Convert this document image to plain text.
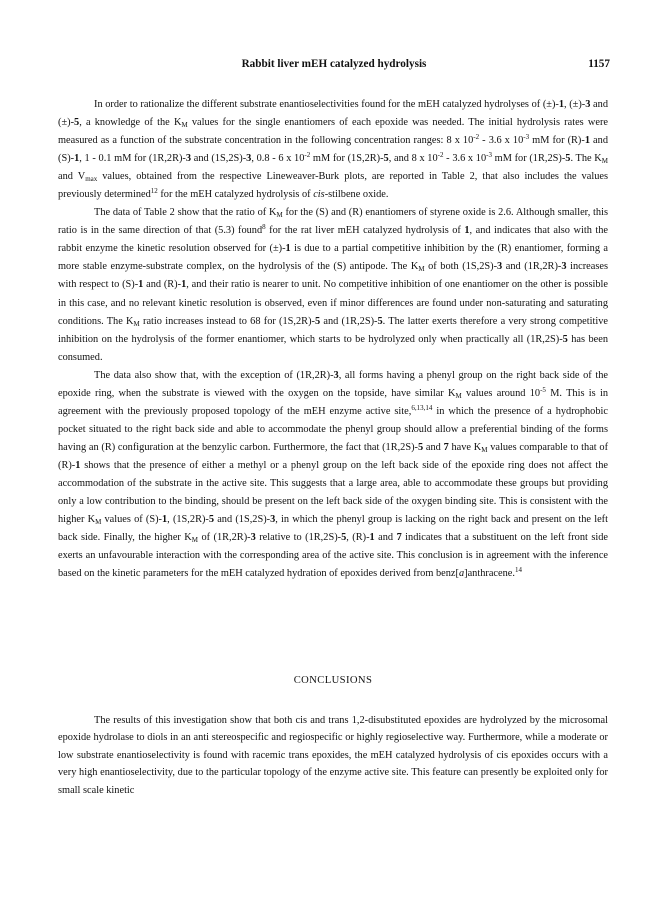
Rabbit liver mEH catalyzed hydrolysis	1157

In order to rationalize the different substrate enantioselectivities found for the mEH catalyzed hydrolyses of (±)-1, (±)-3 and (±)-5, a knowledge of the $K_M$ values for the single enantiomers of each epoxide was needed. The initial hydrolysis rates were measured as a function of the substrate concentration in the following concentration ranges: 8 x $10^{-2} - 3.6$ x $10^{-3}$ mM for (R)-1 and (S)-1, 1 - 0.1 mM for (1R,2R)-3 and (1S,2S)-3, 0.8 - 6 x $10^{-2}$ mM for (1S,2R)-5, and 8 x $10^{-2} - 3.6$ x $10^{-3}$ mM for (1R,2S)-5. The $K_M$ and $V_{max}$ values, obtained from the respective Lineweaver-Burk plots, are reported in Table 2, that also includes the values previously determined$^{12}$ for the mEH catalyzed hydrolysis of cis-stilbene oxide.

The data of Table 2 show that the ratio of $K_M$ for the (S) and (R) enantiomers of styrene oxide is 2.6. Although smaller, this ratio is in the same direction of that (5.3) found$^8$ for the rat liver mEH catalyzed hydrolysis of 1, and indicates that also with the rabbit enzyme the kinetic resolution observed for (±)-1 is due to a partial competitive inhibition by the (R) enantiomer, forming a more stable enzyme-substrate complex, on the hydrolysis of the (S) antipode. The $K_M$ of both (1S,2S)-3 and (1R,2R)-3 increases with respect to (S)-1 and (R)-1, and their ratio is nearer to unit. No competitive inhibition of one enantiomer on the other is possible in this case, and no relevant kinetic resolution is observed, even if minor differences are found under non-saturating and saturating conditions. The $K_M$ ratio increases instead to 68 for (1S,2R)-5 and (1R,2S)-5. The latter exerts therefore a very strong competitive inhibition on the hydrolysis of the former enantiomer, which starts to be hydrolyzed only when practically all (1R,2S)-5 has been consumed.

The data also show that, with the exception of (1R,2R)-3, all forms having a phenyl group on the right back side of the epoxide ring, when the substrate is viewed with the oxygen on the topside, have similar $K_M$ values around $10^{-5}$ M. This is in agreement with the previously proposed topology of the mEH enzyme active site,$^{6,13,14}$ in which the presence of a hydrophobic pocket situated to the right back side and able to accommodate the phenyl group should allow a preferential binding of the forms having an (R) configuration at the benzylic carbon. Furthermore, the fact that (1R,2S)-5 and 7 have $K_M$ values comparable to that of (R)-1 shows that the presence of either a methyl or a phenyl group on the left back side of the epoxide ring does not affect the accommodation of the substrate in the active site. This suggests that a large area, able to accommodate these groups but providing only a low contribution to the binding, should be present on the left back side of the oxygen binding site. This is consistent with the higher $K_M$ values of (S)-1, (1S,2R)-5 and (1S,2S)-3, in which the phenyl group is lacking on the right back and present on the left back side. Finally, the higher $K_M$ of (1R,2R)-3 relative to (1R,2S)-5, (R)-1 and 7 indicates that a substituent on the left front side exerts an unfavourable interaction with the corresponding area of the active site. This conclusion is in agreement with the inference based on the kinetic parameters for the mEH catalyzed hydration of epoxides derived from benz[a]anthracene.$^{14}$

CONCLUSIONS

The results of this investigation show that both cis and trans 1,2-disubstituted epoxides are hydrolyzed by the microsomal epoxide hydrolase to diols in an anti stereospecific and regiospecific or highly regioselective way. Furthermore, while a moderate or low substrate enantioselectivity is found with racemic trans epoxides, the mEH catalyzed hydrolysis of cis epoxides occurs with a very high enantioselectivity, due to the particular topology of the enzyme active site. This feature can presently be exploited only for small scale kinetic
